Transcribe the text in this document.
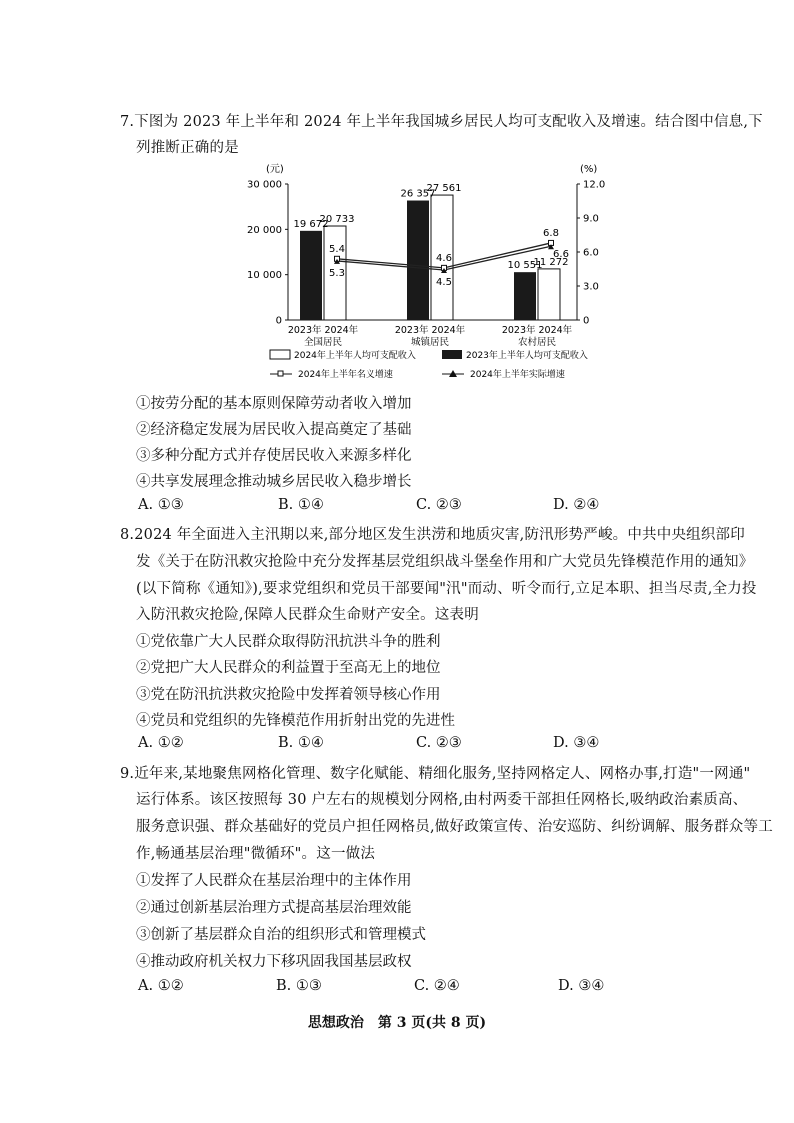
7.下图为 2023 年上半年和 2024 年上半年我国城乡居民人均可支配收入及增速。结合图中信息,下
列推断正确的是
(元)	(%)
30 000
20 000
10 000
0
12.0
9.0
6.0
3.0
0
19 672
20 733
26 357
27 561
10 551
11 272
5.4
5.3
4.6
4.5
6.8
6.6
2023年 2024年
全国居民
2023年 2024年
城镇居民
2023年 2024年
农村居民
2024年上半年人均可支配收入	2023年上半年人均可支配收入
2024年上半年名义增速	2024年上半年实际增速
①按劳分配的基本原则保障劳动者收入增加
②经济稳定发展为居民收入提高奠定了基础
③多种分配方式并存使居民收入来源多样化
④共享发展理念推动城乡居民收入稳步增长
A. ①③	B. ①④	C. ②③	D. ②④
8.2024 年全面进入主汛期以来,部分地区发生洪涝和地质灾害,防汛形势严峻。中共中央组织部印
发《关于在防汛救灾抢险中充分发挥基层党组织战斗堡垒作用和广大党员先锋模范作用的通知》
(以下简称《通知》),要求党组织和党员干部要闻"汛"而动、听令而行,立足本职、担当尽责,全力投
入防汛救灾抢险,保障人民群众生命财产安全。这表明
①党依靠广大人民群众取得防汛抗洪斗争的胜利
②党把广大人民群众的利益置于至高无上的地位
③党在防汛抗洪救灾抢险中发挥着领导核心作用
④党员和党组织的先锋模范作用折射出党的先进性
A. ①②	B. ①④	C. ②③	D. ③④
9.近年来,某地聚焦网格化管理、数字化赋能、精细化服务,坚持网格定人、网格办事,打造"一网通"
运行体系。该区按照每 30 户左右的规模划分网格,由村两委干部担任网格长,吸纳政治素质高、
服务意识强、群众基础好的党员户担任网格员,做好政策宣传、治安巡防、纠纷调解、服务群众等工
作,畅通基层治理"微循环"。这一做法
①发挥了人民群众在基层治理中的主体作用
②通过创新基层治理方式提高基层治理效能
③创新了基层群众自治的组织形式和管理模式
④推动政府机关权力下移巩固我国基层政权
A. ①②	B. ①③	C. ②④	D. ③④
思想政治　第 3 页(共 8 页)
